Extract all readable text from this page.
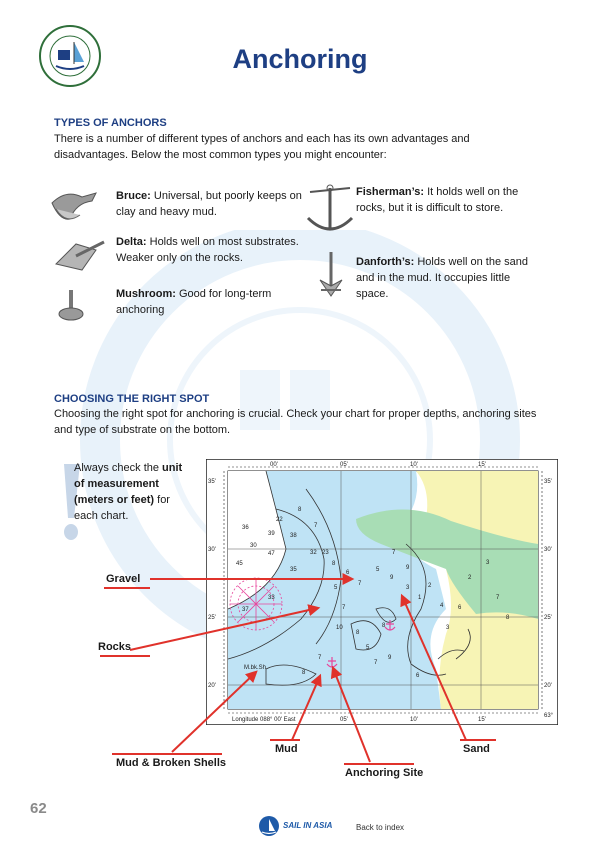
Anchoring
TYPES OF ANCHORS
There is a number of different types of anchors and each has its own advantages and
disadvantages. Below the most common types you might encounter:
Bruce: Universal, but poorly keeps on
clay and heavy mud.
Delta: Holds well on most substrates.
Weaker only on the rocks.
Mushroom: Good for long-term
anchoring
Fisherman’s: It holds well on the
rocks, but it is difficult to store.
Danforth’s: Holds well on the sand
and in the mud. It occupies little
space.
CHOOSING THE RIGHT SPOT
Choosing the right spot for anchoring is crucial. Check your chart for proper depths, anchoring sites
and type of substrate on the bottom.
Always check the unit
of measurement
(meters or feet) for
each chart.	8
7
22
36
39	38
30
45
47	32 23
35
8
6
7
5
9
5
7
10
8
5
7
9
3
1
2
4
3
6
2
3
7
8
7
9
7
8
8
33
37
6
M.bk.Sh
00'	05'	10'	15'
35'
30'
25'
20'
35'
30'
25'
20'
05'	10'	15'
Longitude 088° 00' East
63°
Gravel
Rocks
Mud & Broken Shells
Mud
Anchoring Site
Sand
62
SAIL IN ASIA	Back to index
